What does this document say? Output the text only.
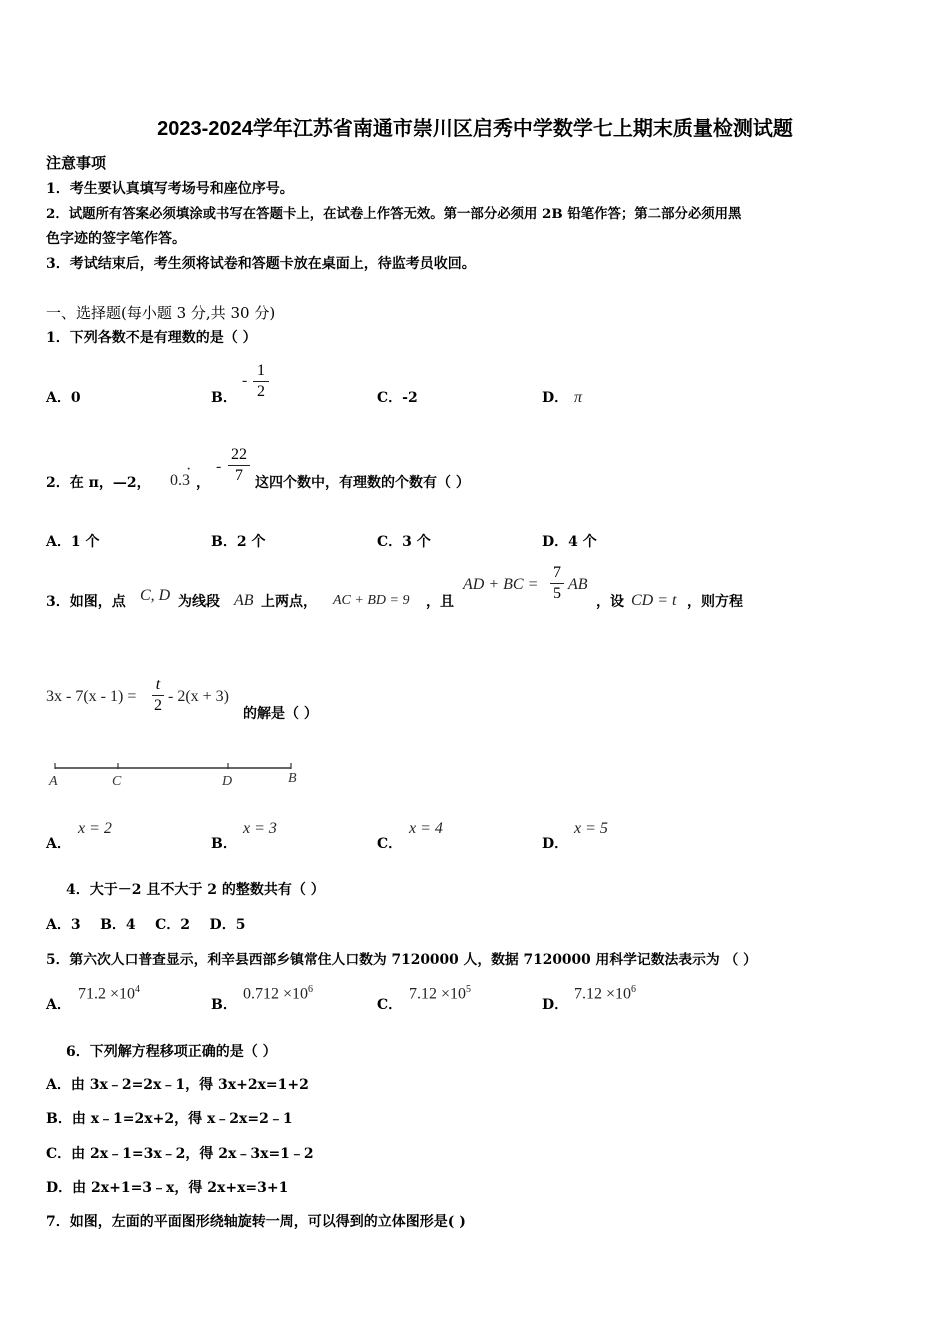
2023-2024学年江苏省南通市崇川区启秀中学数学七上期末质量检测试题
注意事项
1．考生要认真填写考场号和座位序号。
2．试题所有答案必须填涂或书写在答题卡上，在试卷上作答无效。第一部分必须用 2B 铅笔作答；第二部分必须用黑
色字迹的签字笔作答。
3．考试结束后，考生须将试卷和答题卡放在桌面上，待监考员收回。
一、选择题(每小题 3 分,共 30 分)
1．下列各数不是有理数的是（ ）
A．0	B．
-
1
2	C．-2	D． π
2．在 π，—2， 0.3
·
，
-
22
7 这四个数中，有理数的个数有（ ）
A．1 个	B．2 个	C．3 个	D．4 个
3．如图，点 C, D 为线段 AB 上两点， AC + BD = 9 ，且
AD + BC =
7
5
AB
，设 CD = t ，则方程
3x - 7(x - 1) =
t
2
- 2(x + 3)
的解是（ ）
A	C	D	B
A．
x = 2
B．
x = 3
C．
x = 4
D．
x = 5
4．大于－2 且不大于 2 的整数共有（ ）
A．3    B．4    C．2    D．5
5．第六次人口普查显示，利辛县西部乡镇常住人口数为 7120000 人，数据 7120000 用科学记数法表示为 （ ）
A．
$71.2 \times 10^4$
B．
$0.712 \times 10^6$
C．
$7.12 \times 10^5$
D．
$7.12 \times 10^6$
6．下列解方程移项正确的是（ ）
A．由 3x﹣2=2x﹣1，得 3x+2x=1+2
B．由 x﹣1=2x+2，得 x﹣2x=2﹣1
C．由 2x﹣1=3x﹣2，得 2x﹣3x=1﹣2
D．由 2x+1=3﹣x，得 2x+x=3+1
7．如图，左面的平面图形绕轴旋转一周，可以得到的立体图形是( )
